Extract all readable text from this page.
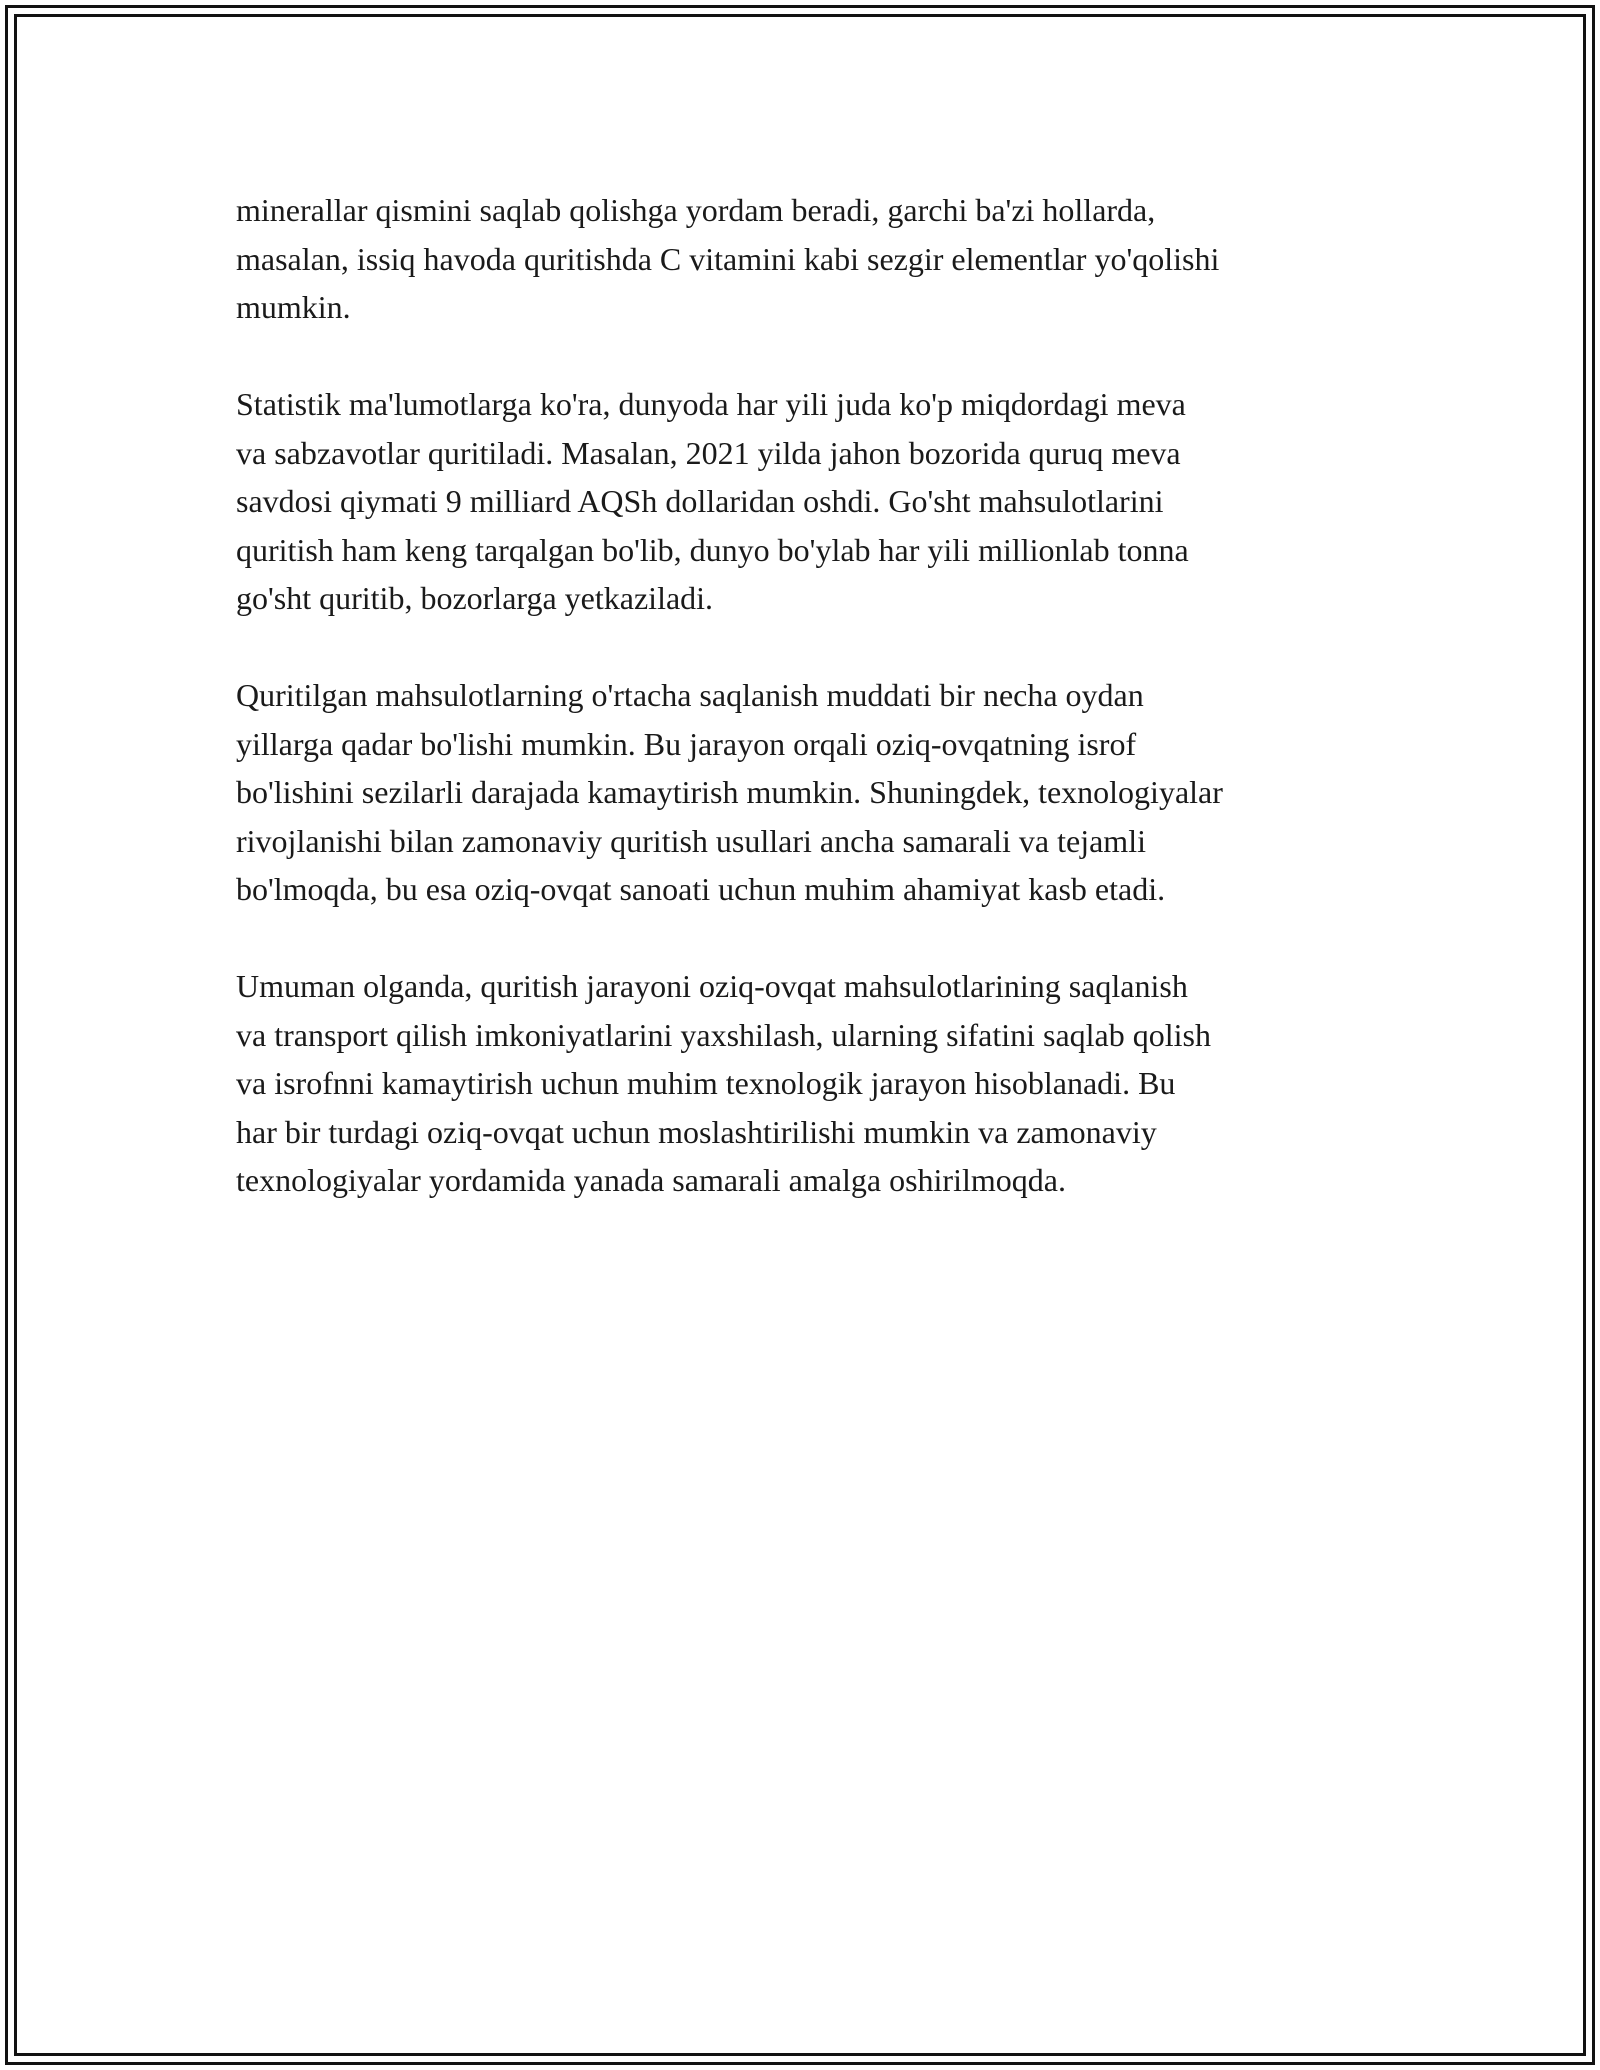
minerallar qismini saqlab qolishga yordam beradi, garchi ba'zi hollarda,
masalan, issiq havoda quritishda C vitamini kabi sezgir elementlar yo'qolishi
mumkin.

Statistik ma'lumotlarga ko'ra, dunyoda har yili juda ko'p miqdordagi meva
va sabzavotlar quritiladi. Masalan, 2021 yilda jahon bozorida quruq meva
savdosi qiymati 9 milliard AQSh dollaridan oshdi. Go'sht mahsulotlarini
quritish ham keng tarqalgan bo'lib, dunyo bo'ylab har yili millionlab tonna
go'sht quritib, bozorlarga yetkaziladi.

Quritilgan mahsulotlarning o'rtacha saqlanish muddati bir necha oydan
yillarga qadar bo'lishi mumkin. Bu jarayon orqali oziq-ovqatning isrof
bo'lishini sezilarli darajada kamaytirish mumkin. Shuningdek, texnologiyalar
rivojlanishi bilan zamonaviy quritish usullari ancha samarali va tejamli
bo'lmoqda, bu esa oziq-ovqat sanoati uchun muhim ahamiyat kasb etadi.

Umuman olganda, quritish jarayoni oziq-ovqat mahsulotlarining saqlanish
va transport qilish imkoniyatlarini yaxshilash, ularning sifatini saqlab qolish
va isrofnni kamaytirish uchun muhim texnologik jarayon hisoblanadi. Bu
har bir turdagi oziq-ovqat uchun moslashtirilishi mumkin va zamonaviy
texnologiyalar yordamida yanada samarali amalga oshirilmoqda.
